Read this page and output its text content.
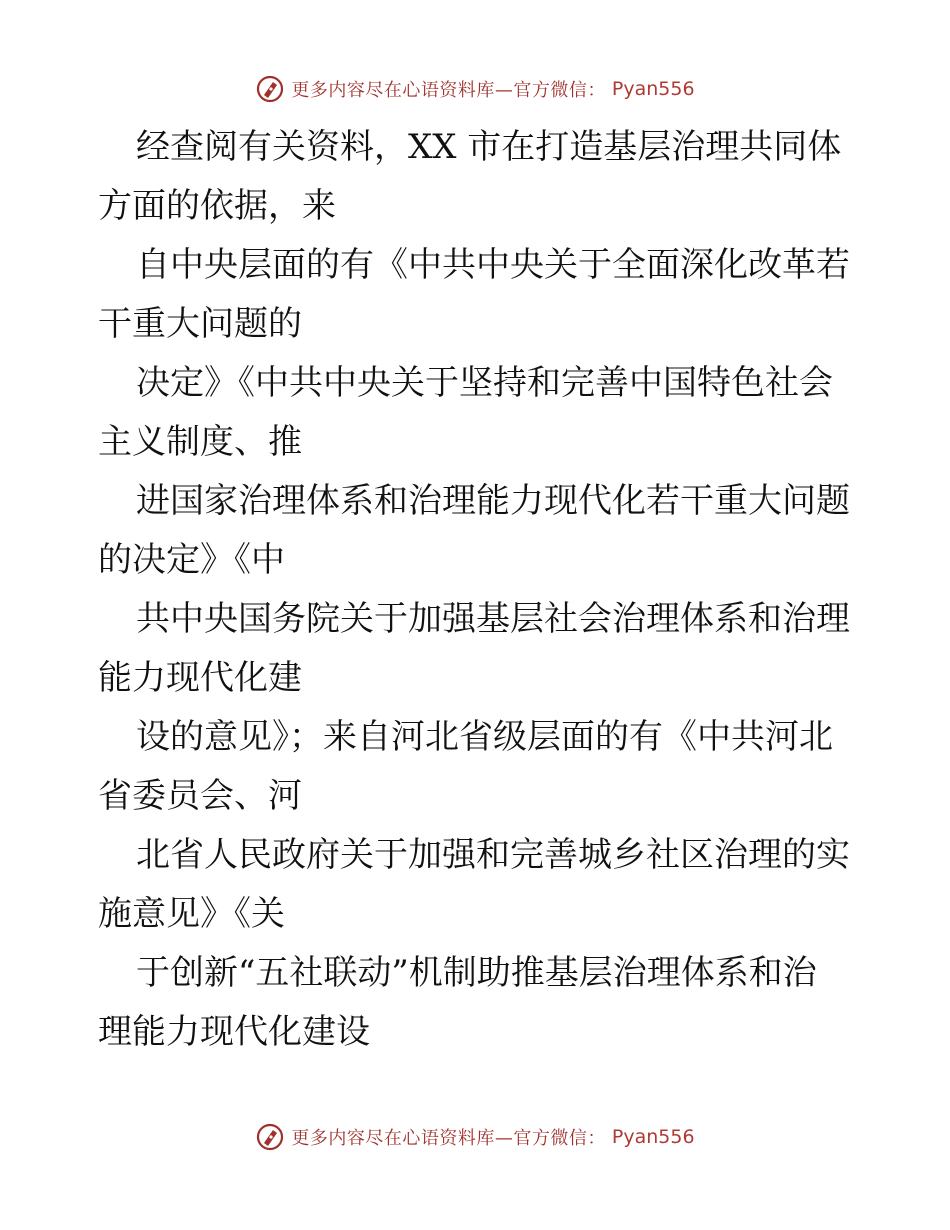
更多内容尽在心语资料库—官方微信： Pyan556
经查阅有关资料，XX 市在打造基层治理共同体
方面的依据，来
自中央层面的有《中共中央关于全面深化改革若
干重大问题的
决定》《中共中央关于坚持和完善中国特色社会
主义制度、推
进国家治理体系和治理能力现代化若干重大问题
的决定》《中
共中央国务院关于加强基层社会治理体系和治理
能力现代化建
设的意见》；来自河北省级层面的有《中共河北
省委员会、河
北省人民政府关于加强和完善城乡社区治理的实
施意见》《关
于创新“五社联动”机制助推基层治理体系和治
理能力现代化建设
更多内容尽在心语资料库—官方微信： Pyan556
